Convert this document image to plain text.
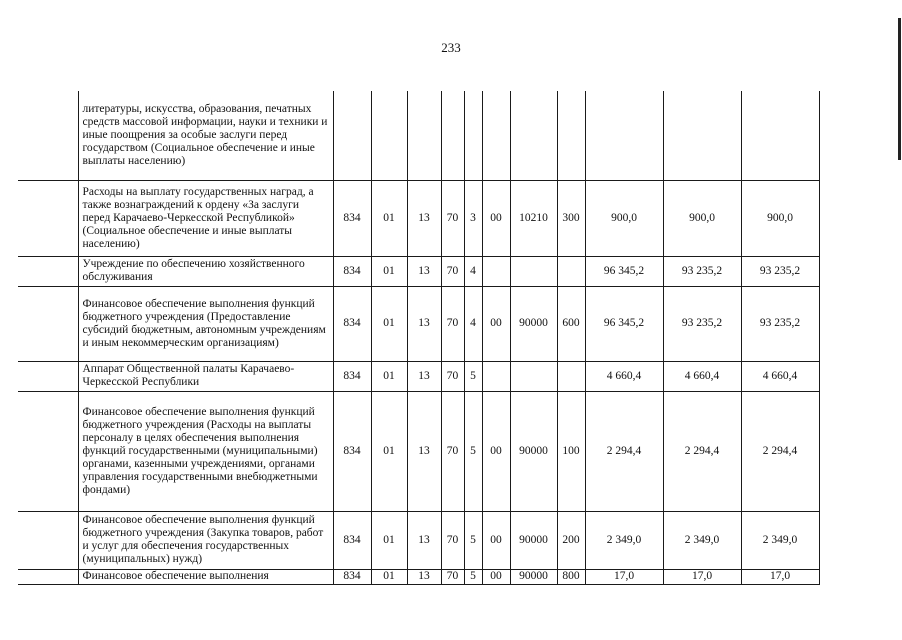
233
	литературы, искусства, образования, печатных средств массовой информации, науки и техники и иные поощрения за особые заслуги перед государством (Социальное обеспечение и иные выплаты населению)											
	Расходы на выплату государственных наград, а также вознаграждений к ордену «За заслуги перед Карачаево-Черкесской Республикой» (Социальное обеспечение и иные выплаты населению)	834	01	13	70	3	00	10210	300	900,0	900,0	900,0
	Учреждение по обеспечению хозяйственного обслуживания	834	01	13	70	4				96 345,2	93 235,2	93 235,2
	Финансовое обеспечение выполнения функций бюджетного учреждения (Предоставление субсидий бюджетным, автономным учреждениям и иным некоммерческим организациям)	834	01	13	70	4	00	90000	600	96 345,2	93 235,2	93 235,2
	Аппарат Общественной палаты Карачаево-Черкесской Республики	834	01	13	70	5				4 660,4	4 660,4	4 660,4
	Финансовое обеспечение выполнения функций бюджетного учреждения (Расходы на выплаты персоналу в целях обеспечения выполнения функций государственными (муниципальными) органами, казенными учреждениями, органами управления государственными внебюджетными фондами)	834	01	13	70	5	00	90000	100	2 294,4	2 294,4	2 294,4
	Финансовое обеспечение выполнения функций бюджетного учреждения (Закупка товаров, работ и услуг для обеспечения государственных (муниципальных) нужд)	834	01	13	70	5	00	90000	200	2 349,0	2 349,0	2 349,0
	Финансовое обеспечение выполнения	834	01	13	70	5	00	90000	800	17,0	17,0	17,0
